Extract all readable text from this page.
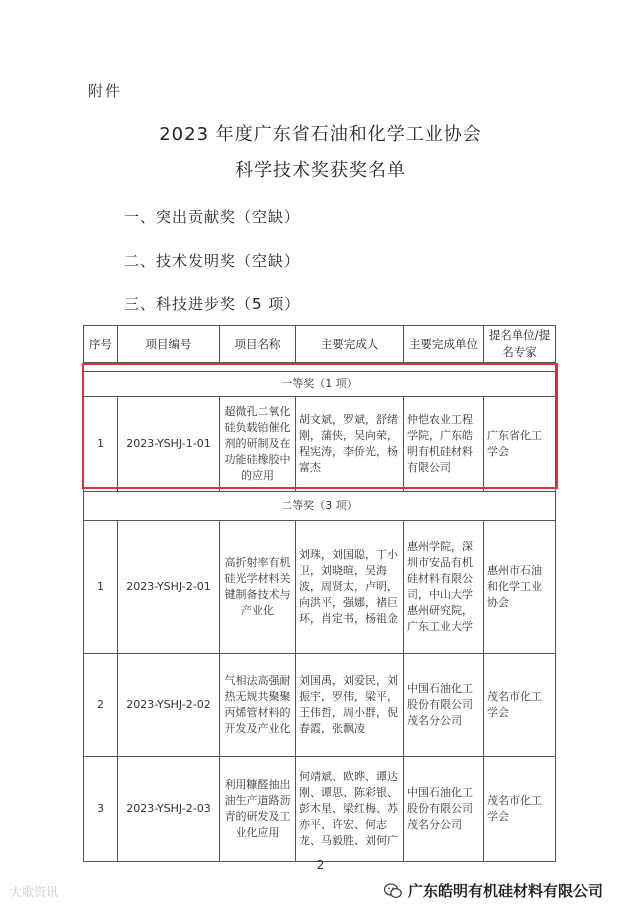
附件
2023 年度广东省石油和化学工业协会
科学技术奖获奖名单
一、突出贡献奖（空缺）
二、技术发明奖（空缺）
三、科技进步奖（5 项）
序号	项目编号	项目名称	主要完成人	主要完成单位	提名单位/提名专家

一等奖（1 项）					
1	2023-YSHJ-1-01	超微孔二氧化硅负载铂催化剂的研制及在功能硅橡胶中的应用	胡文斌，罗斌，舒绪刚，蒲侠，吴向荣，程宪涛，李侨光，杨富杰	仲恺农业工程学院，广东皓明有机硅材料有限公司	广东省化工学会
二等奖（3 项）					
1	2023-YSHJ-2-01	高折射率有机硅光学材料关键制备技术与产业化	刘珠，刘国聪，丁小卫，刘晓暄，吴海波，周贤太，卢明，向洪平，强娜，褚巨环，肖定书，杨祖金	惠州学院，深圳市安品有机硅材料有限公司，中山大学惠州研究院，广东工业大学	惠州市石油和化学工业协会
2	2023-YSHJ-2-02	气相法高强耐热无规共聚聚丙烯管材料的开发及产业化	刘国禹，刘爱民，刘振宇，罗伟，梁平，王伟哲，周小群，倪春霞，张飘凌	中国石油化工股份有限公司茂名分公司	茂名市化工学会
3	2023-YSHJ-2-03	利用糠醛抽出油生产道路沥青的研发及工业化应用	何靖斌、欧晔、谭达刚、谭思、陈彩银、彭木星、梁红梅、苏亦平、许宏、何志龙、马毅胜、刘何广	中国石油化工股份有限公司茂名分公司	茂名市化工学会
2
大歌资讯	广东皓明有机硅材料有限公司
